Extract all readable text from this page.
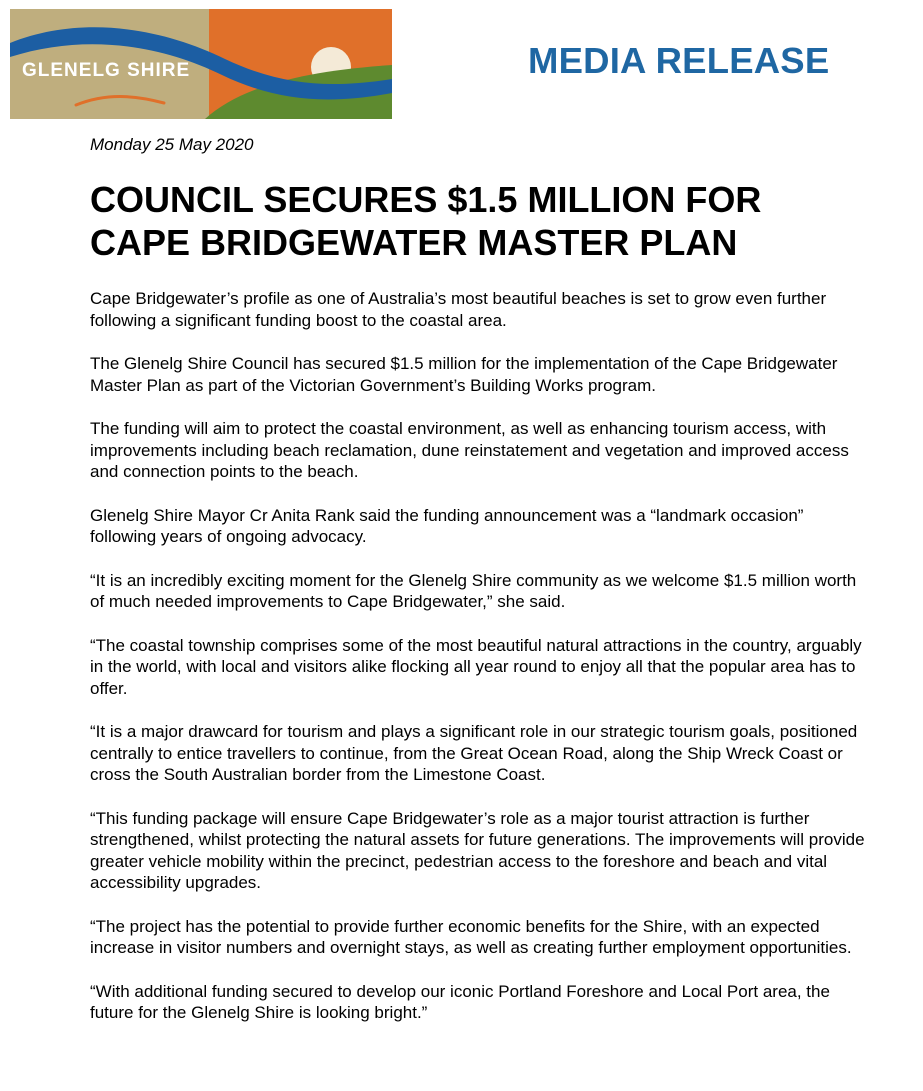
GLENELG SHIRE	MEDIA RELEASE
Monday 25 May 2020
COUNCIL SECURES $1.5 MILLION FOR
CAPE BRIDGEWATER MASTER PLAN

Cape Bridgewater’s profile as one of Australia’s most beautiful beaches is set to grow even further following a significant funding boost to the coastal area.

The Glenelg Shire Council has secured $1.5 million for the implementation of the Cape Bridgewater Master Plan as part of the Victorian Government’s Building Works program.

The funding will aim to protect the coastal environment, as well as enhancing tourism access, with improvements including beach reclamation, dune reinstatement and vegetation and improved access and connection points to the beach.

Glenelg Shire Mayor Cr Anita Rank said the funding announcement was a “landmark occasion” following years of ongoing advocacy.

“It is an incredibly exciting moment for the Glenelg Shire community as we welcome $1.5 million worth of much needed improvements to Cape Bridgewater,” she said.

“The coastal township comprises some of the most beautiful natural attractions in the country, arguably in the world, with local and visitors alike flocking all year round to enjoy all that the popular area has to offer.

“It is a major drawcard for tourism and plays a significant role in our strategic tourism goals, positioned centrally to entice travellers to continue, from the Great Ocean Road, along the Ship Wreck Coast or cross the South Australian border from the Limestone Coast.

“This funding package will ensure Cape Bridgewater’s role as a major tourist attraction is further strengthened, whilst protecting the natural assets for future generations. The improvements will provide greater vehicle mobility within the precinct, pedestrian access to the foreshore and beach and vital accessibility upgrades.

“The project has the potential to provide further economic benefits for the Shire, with an expected increase in visitor numbers and overnight stays, as well as creating further employment opportunities.

“With additional funding secured to develop our iconic Portland Foreshore and Local Port area, the future for the Glenelg Shire is looking bright.”
